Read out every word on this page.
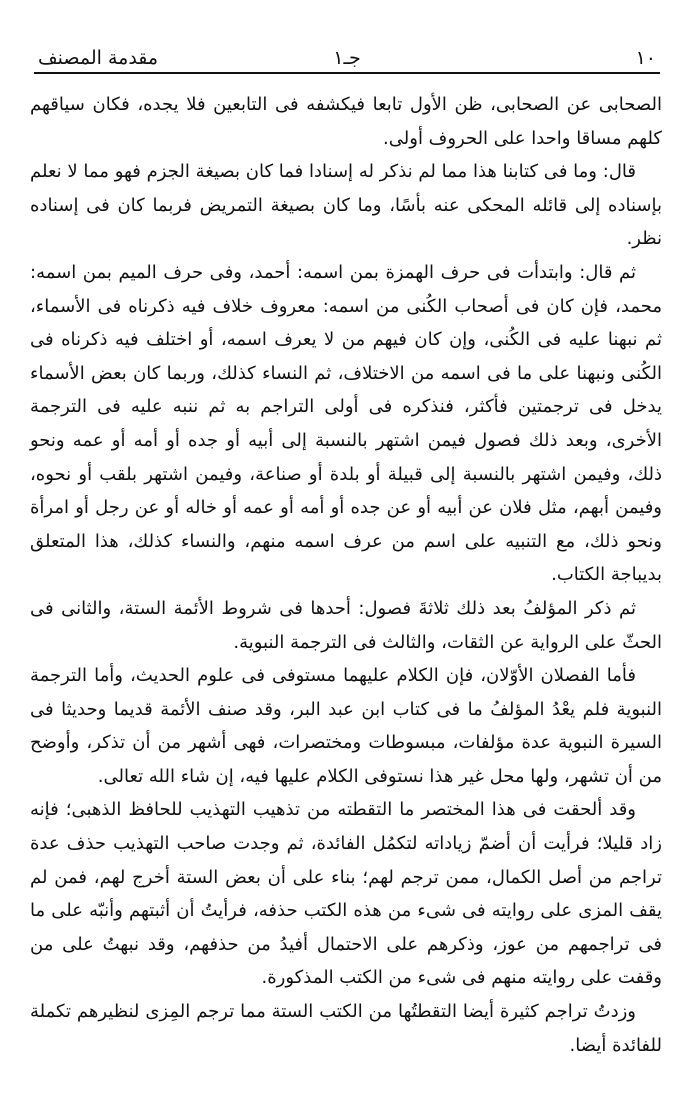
١٠
جـ١
مقدمة المصنف

الصحابى عن الصحابى، ظن الأول تابعا فيكشفه فى التابعين فلا يجده، فكان سياقهم كلهم مساقا واحدا على الحروف أولى.

قال: وما فى كتابنا هذا مما لم نذكر له إسنادا فما كان بصيغة الجزم فهو مما لا نعلم بإسناده إلى قائله المحكى عنه بأسًا، وما كان بصيغة التمريض فربما كان فى إسناده نظر.

ثم قال: وابتدأت فى حرف الهمزة بمن اسمه: أحمد، وفى حرف الميم بمن اسمه: محمد، فإن كان فى أصحاب الكُنى من اسمه: معروف خلاف فيه ذكرناه فى الأسماء، ثم نبهنا عليه فى الكُنى، وإن كان فيهم من لا يعرف اسمه، أو اختلف فيه ذكرناه فى الكُنى ونبهنا على ما فى اسمه من الاختلاف، ثم النساء كذلك، وربما كان بعض الأسماء يدخل فى ترجمتين فأكثر، فنذكره فى أولى التراجم به ثم ننبه عليه فى الترجمة الأخرى، وبعد ذلك فصول فيمن اشتهر بالنسبة إلى أبيه أو جده أو أمه أو عمه ونحو ذلك، وفيمن اشتهر بالنسبة إلى قبيلة أو بلدة أو صناعة، وفيمن اشتهر بلقب أو نحوه، وفيمن أبهم، مثل فلان عن أبيه أو عن جده أو أمه أو عمه أو خاله أو عن رجل أو امرأة ونحو ذلك، مع التنبيه على اسم من عرف اسمه منهم، والنساء كذلك، هذا المتعلق بديباجة الكتاب.

ثم ذكر المؤلفُ بعد ذلك ثلاثةَ فصول: أحدها فى شروط الأئمة الستة، والثانى فى الحثّ على الرواية عن الثقات، والثالث فى الترجمة النبوية.

فأما الفصلان الأوّلان، فإن الكلام عليهما مستوفى فى علوم الحديث، وأما الترجمة النبوية فلم يعْدُ المؤلفُ ما فى كتاب ابن عبد البر، وقد صنف الأئمة قديما وحديثا فى السيرة النبوية عدة مؤلفات، مبسوطات ومختصرات، فهى أشهر من أن تذكر، وأوضح من أن تشهر، ولها محل غير هذا نستوفى الكلام عليها فيه، إن شاء الله تعالى.

وقد ألحقت فى هذا المختصر ما التقطته من تذهيب التهذيب للحافظ الذهبى؛ فإنه زاد قليلا؛ فرأيت أن أضمّ زياداته لتكمُل الفائدة، ثم وجدت صاحب التهذيب حذف عدة تراجم من أصل الكمال، ممن ترجم لهم؛ بناء على أن بعض الستة أخرج لهم، فمن لم يقف المزى على روايته فى شىء من هذه الكتب حذفه، فرأيتُ أن أثبتهم وأنبّه على ما فى تراجمهم من عوز، وذكرهم على الاحتمال أفيدُ من حذفهم، وقد نبهتُ على من وقفت على روايته منهم فى شىء من الكتب المذكورة.

وزدتُ تراجم كثيرة أيضا التقطتُها من الكتب الستة مما ترجم المِزى لنظيرهم تكملة للفائدة أيضا.
